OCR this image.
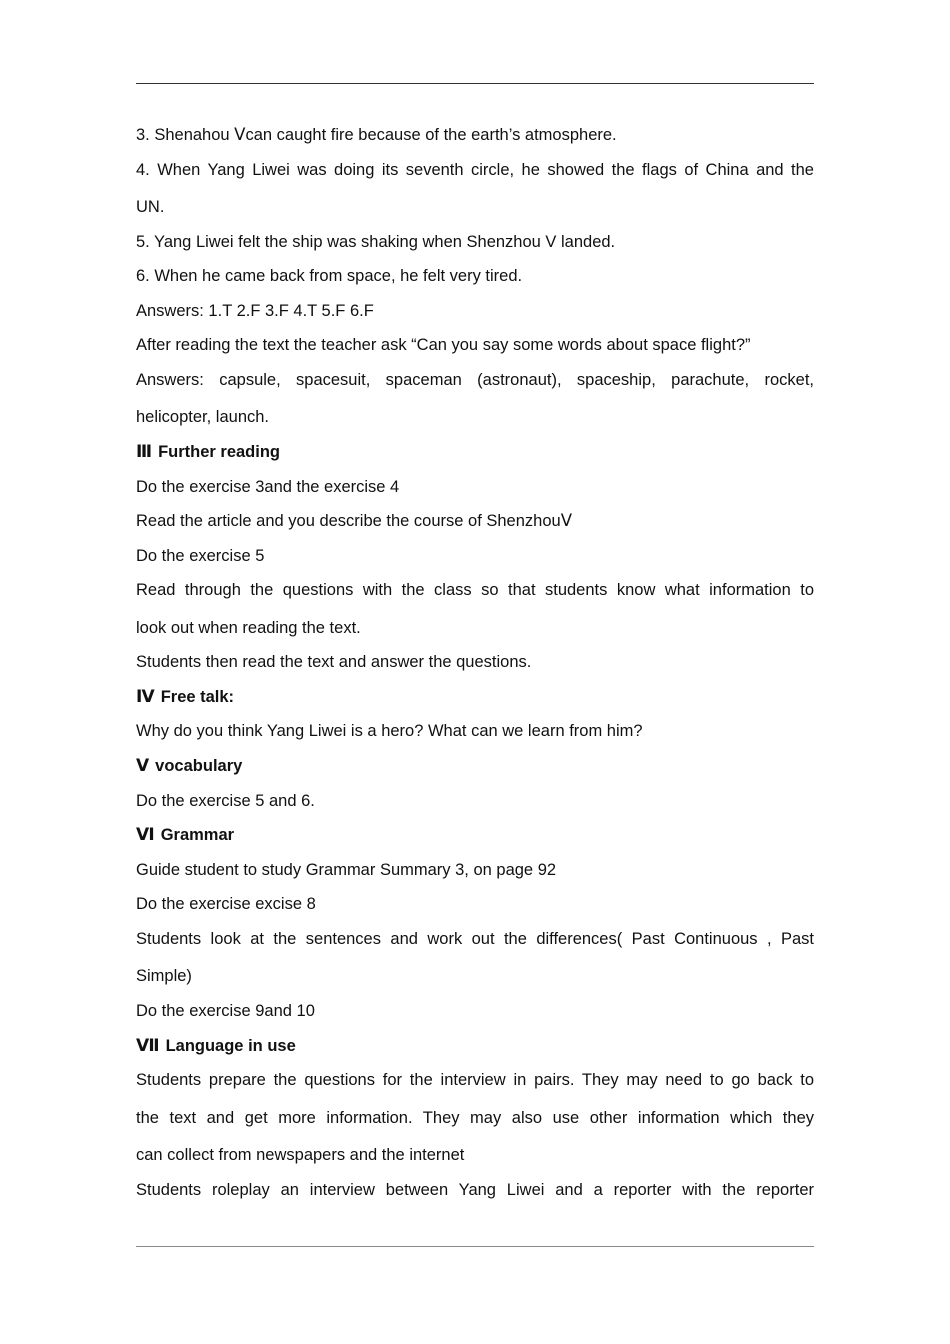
3. Shenahou Ⅴcan caught fire because of the earth’s atmosphere.
4. When Yang Liwei was doing its seventh circle, he showed the flags of China and the
UN.
5. Yang Liwei felt the ship was shaking when Shenzhou V landed.
6. When he came back from space, he felt very tired.
Answers: 1.T 2.F 3.F 4.T 5.F 6.F
After reading the text the teacher ask “Can you say some words about space flight?”
Answers: capsule, spacesuit, spaceman (astronaut), spaceship, parachute, rocket,
helicopter, launch.
Ⅲ Further reading
Do the exercise 3and the exercise 4
Read the article and you describe the course of ShenzhouⅤ
Do the exercise 5
Read through the questions with the class so that students know what information to
look out when reading the text.
Students then read the text and answer the questions.
Ⅳ Free talk:
Why do you think Yang Liwei is a hero? What can we learn from him?
Ⅴ vocabulary
Do the exercise 5 and 6.
Ⅵ Grammar
Guide student to study Grammar Summary 3, on page 92
Do the exercise excise 8
Students look at the sentences and work out the differences( Past Continuous , Past
Simple)
Do the exercise 9and 10
Ⅶ Language in use
Students prepare the questions for the interview in pairs. They may need to go back to
the text and get more information. They may also use other information which they
can collect from newspapers and the internet
Students roleplay an interview between Yang Liwei and a reporter with the reporter
